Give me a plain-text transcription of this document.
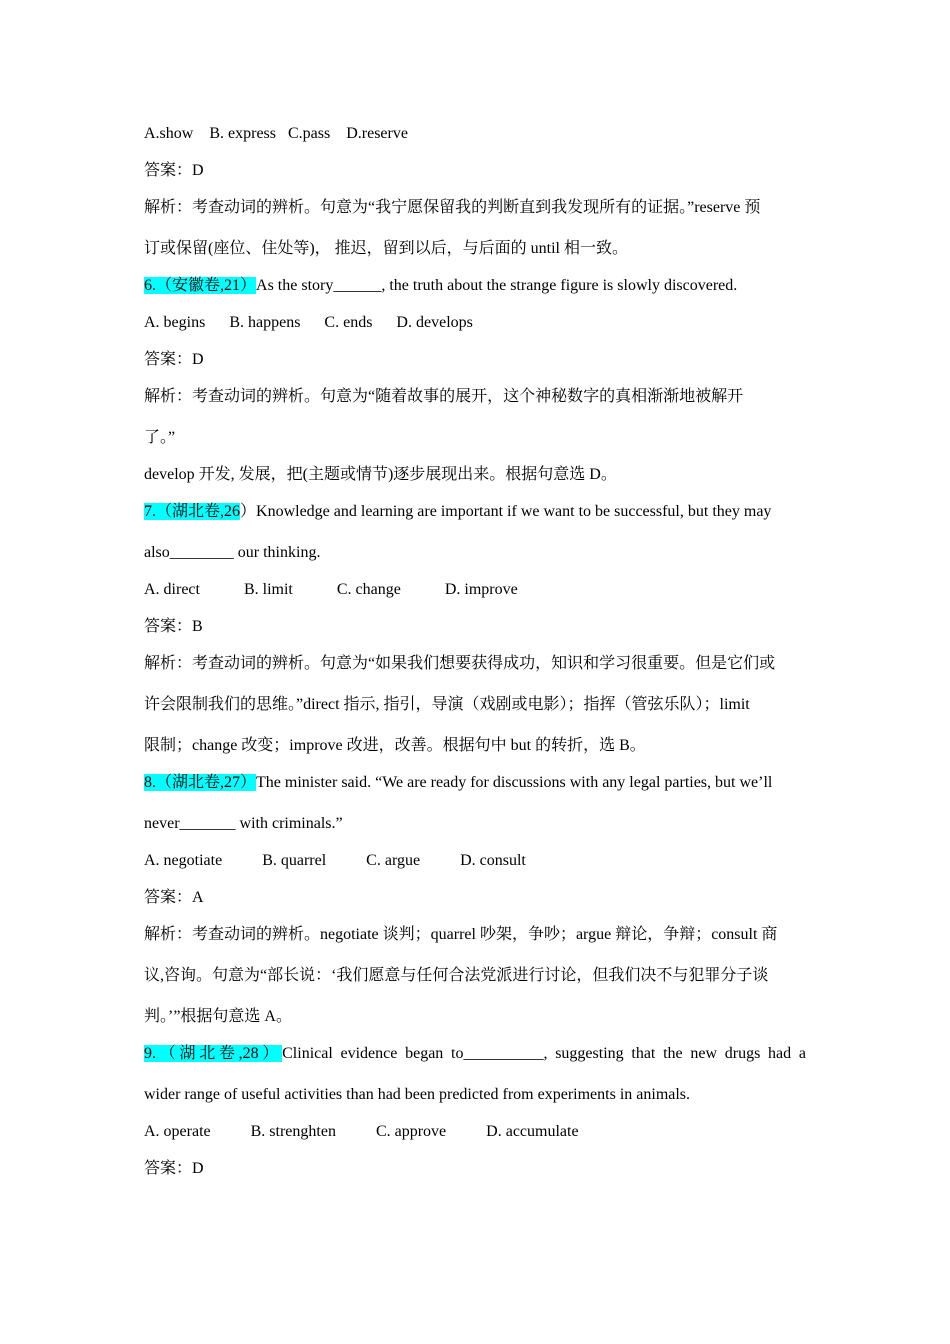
A.show    B. express   C.pass    D.reserve
答案：D
解析：考查动词的辨析。句意为“我宁愿保留我的判断直到我发现所有的证据。”reserve 预
订或保留(座位、住处等)， 推迟，留到以后，与后面的 until 相一致。
6.（安徽卷,21）As the story______, the truth about the strange figure is slowly discovered.
A. begins      B. happens      C. ends      D. develops
答案：D
解析：考查动词的辨析。句意为“随着故事的展开，这个神秘数字的真相渐渐地被解开
了。”
develop 开发, 发展，把(主题或情节)逐步展现出来。根据句意选 D。
7.（湖北卷,26）Knowledge and learning are important if we want to be successful, but they may
also________ our thinking.
A. direct           B. limit           C. change           D. improve
答案：B
解析：考查动词的辨析。句意为“如果我们想要获得成功，知识和学习很重要。但是它们或
许会限制我们的思维。”direct 指示, 指引，导演（戏剧或电影）；指挥（管弦乐队）；limit
限制；change 改变；improve 改进，改善。根据句中 but 的转折，选 B。
8.（湖北卷,27）The minister said. “We are ready for discussions with any legal parties, but we’ll
never_______ with criminals.”
A. negotiate          B. quarrel          C. argue          D. consult
答案：A
解析：考查动词的辨析。negotiate 谈判；quarrel 吵架，争吵；argue 辩论，争辩；consult 商
议,咨询。句意为“部长说：‘我们愿意与任何合法党派进行讨论，但我们决不与犯罪分子谈
判。’”根据句意选 A。
9.（湖北卷,28）Clinical evidence began to__________, suggesting that the new drugs had a
wider range of useful activities than had been predicted from experiments in animals.
A. operate          B. strenghten          C. approve          D. accumulate
答案：D
